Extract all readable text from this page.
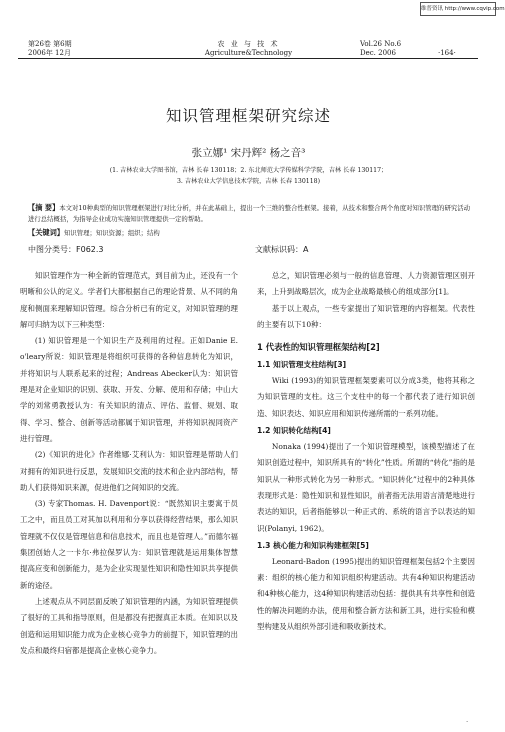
维普资讯 http://www.cqvip.com
第26卷 第6期
2006年 12月
农 业 与 技 术
Agriculture&Technology
Vol.26 No.6
Dec. 2006	·164·
知识管理框架研究综述
张立娜¹ 宋丹辉² 杨之音³
(1. 吉林农业大学图书馆，吉林 长春 130118；2. 东北师范大学传媒科学学院，吉林 长春 130117；
3. 吉林农业大学信息技术学院，吉林 长春 130118)
【摘 要】本文对10种典型的知识管理框架进行对比分析，并在此基础上，提出一个三维的整合性框架。接着，从技术和整合两个角度对知识管理的研究活动进行总结概括，为指导企业成功实施知识管理提供一定的帮助。
【关键词】知识管理；知识资源；组织；结构
中图分类号：F062.3	文献标识码：A

知识管理作为一种全新的管理范式，到目前为止，还没有一个明晰和公认的定义。学者们大都根据自己的理论背景、从不同的角度和侧面来理解知识管理。综合分析已有的定义，对知识管理的理解可归纳为以下三种类型：

(1) 知识管理是一个知识生产及利用的过程。正如Danie E. o'leary所说：知识管理是将组织可获得的各种信息转化为知识，并将知识与人联系起来的过程；Andreas Abecker认为：知识管理是对企业知识的识别、获取、开发、分解、使用和存储；中山大学的刘常勇教授认为：有关知识的清点、评估、监督、规划、取得、学习、整合、创新等活动都属于知识管理，并将知识视同资产进行管理。

(2)《知识的进化》作者维娜·艾利认为：知识管理是帮助人们对拥有的知识进行反思，发展知识交流的技术和企业内部结构，帮助人们获得知识来源，促进他们之间知识的交流。

(3) 专家Thomas. H. Davenport说：“既然知识主要寓于员工之中，而且员工对其加以利用和分享以获得经营结果，那么知识管理就不仅仅是管理信息和信息技术，而且也是管理人。”而德尔福集团创始人之一卡尔·弗拉保罗认为：知识管理就是运用集体智慧提高应变和创新能力，是为企业实现显性知识和隐性知识共享提供新的途径。

上述观点从不同层面反映了知识管理的内涵，为知识管理提供了很好的工具和指导原则，但是都没有把握真正本质。在知识以及创造和运用知识能力成为企业核心竞争力的前提下，知识管理的出发点和最终归宿都是提高企业核心竞争力。

总之，知识管理必须与一般的信息管理、人力资源管理区别开来，上升到战略层次，成为企业战略最核心的组成部分[1]。

基于以上观点，一些专家提出了知识管理的内容框架。代表性的主要有以下10种：

1 代表性的知识管理框架结构[2]
1.1 知识管理支柱结构[3]

Wiki (1993)的知识管理框架要素可以分成3类，他将其称之为知识管理的支柱。这三个支柱中的每一个都代表了进行知识创造、知识表达、知识应用和知识传递所需的一系列功能。

1.2 知识转化结构[4]

Nonaka (1994)提出了一个知识管理模型，该模型描述了在知识创造过程中，知识所具有的“转化”性质。所谓的“转化”指的是知识从一种形式转化为另一种形式。“知识转化”过程中的2种具体表现形式是：隐性知识和显性知识，前者指无法用语言清楚地进行表达的知识，后者指能够以一种正式的、系统的语言予以表达的知识(Polanyi, 1962)。

1.3 核心能力和知识构建框架[5]

Leonard-Badon (1995)提出的知识管理框架包括2个主要因素：组织的核心能力和知识组织构建活动。共有4种知识构建活动和4种核心能力，这4种知识构建活动包括：提供具有共享性和创造性的解决问题的办法，使用和整合新方法和新工具，进行实验和模型构建及从组织外部引进和吸收新技术。

·
